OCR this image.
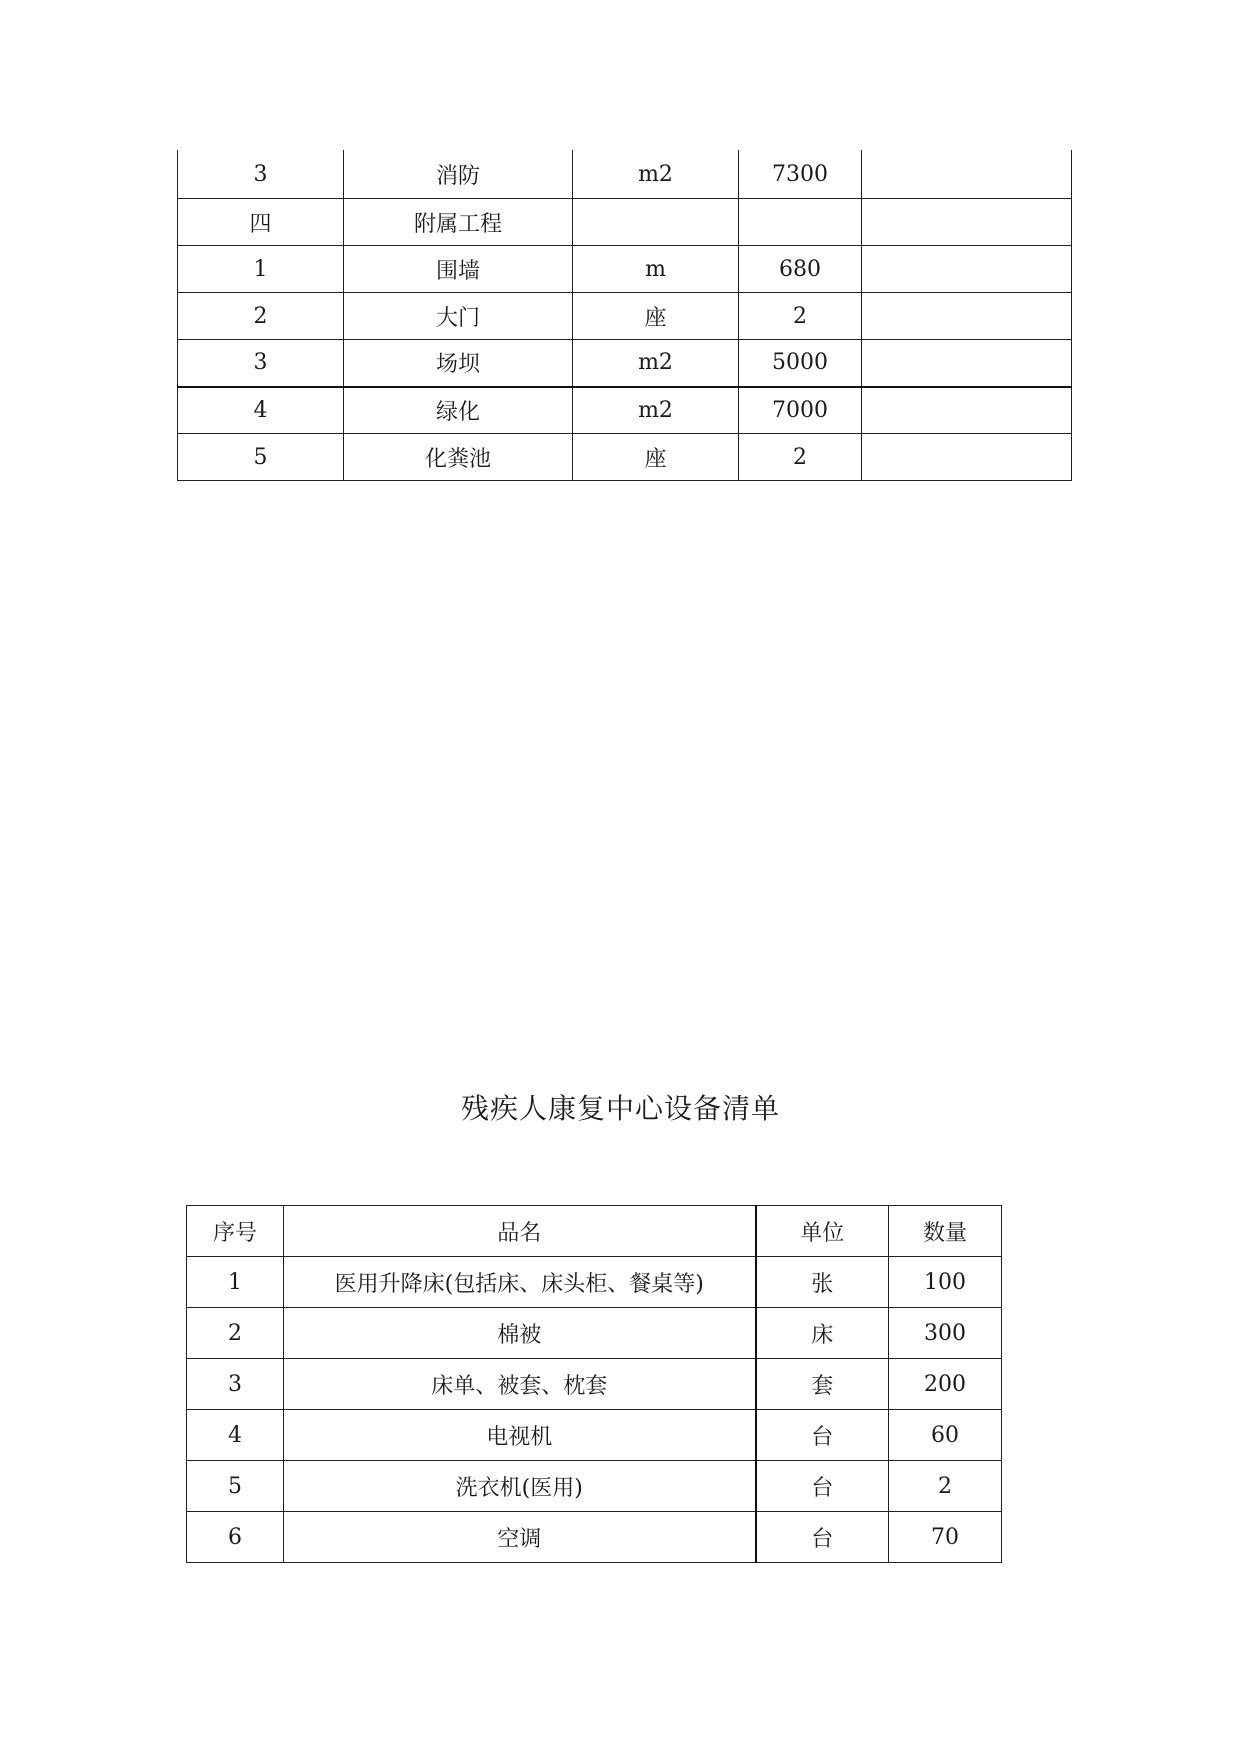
3	消防	m2	7300	
四	附属工程			
1	围墙	m	680	
2	大门	座	2	
3	场坝	m2	5000	
4	绿化	m2	7000	
5	化粪池	座	2	
残疾人康复中心设备清单
序号	品名	单位	数量
1	医用升降床(包括床、床头柜、餐桌等)	张	100
2	棉被	床	300
3	床单、被套、枕套	套	200
4	电视机	台	60
5	洗衣机(医用)	台	2
6	空调	台	70
